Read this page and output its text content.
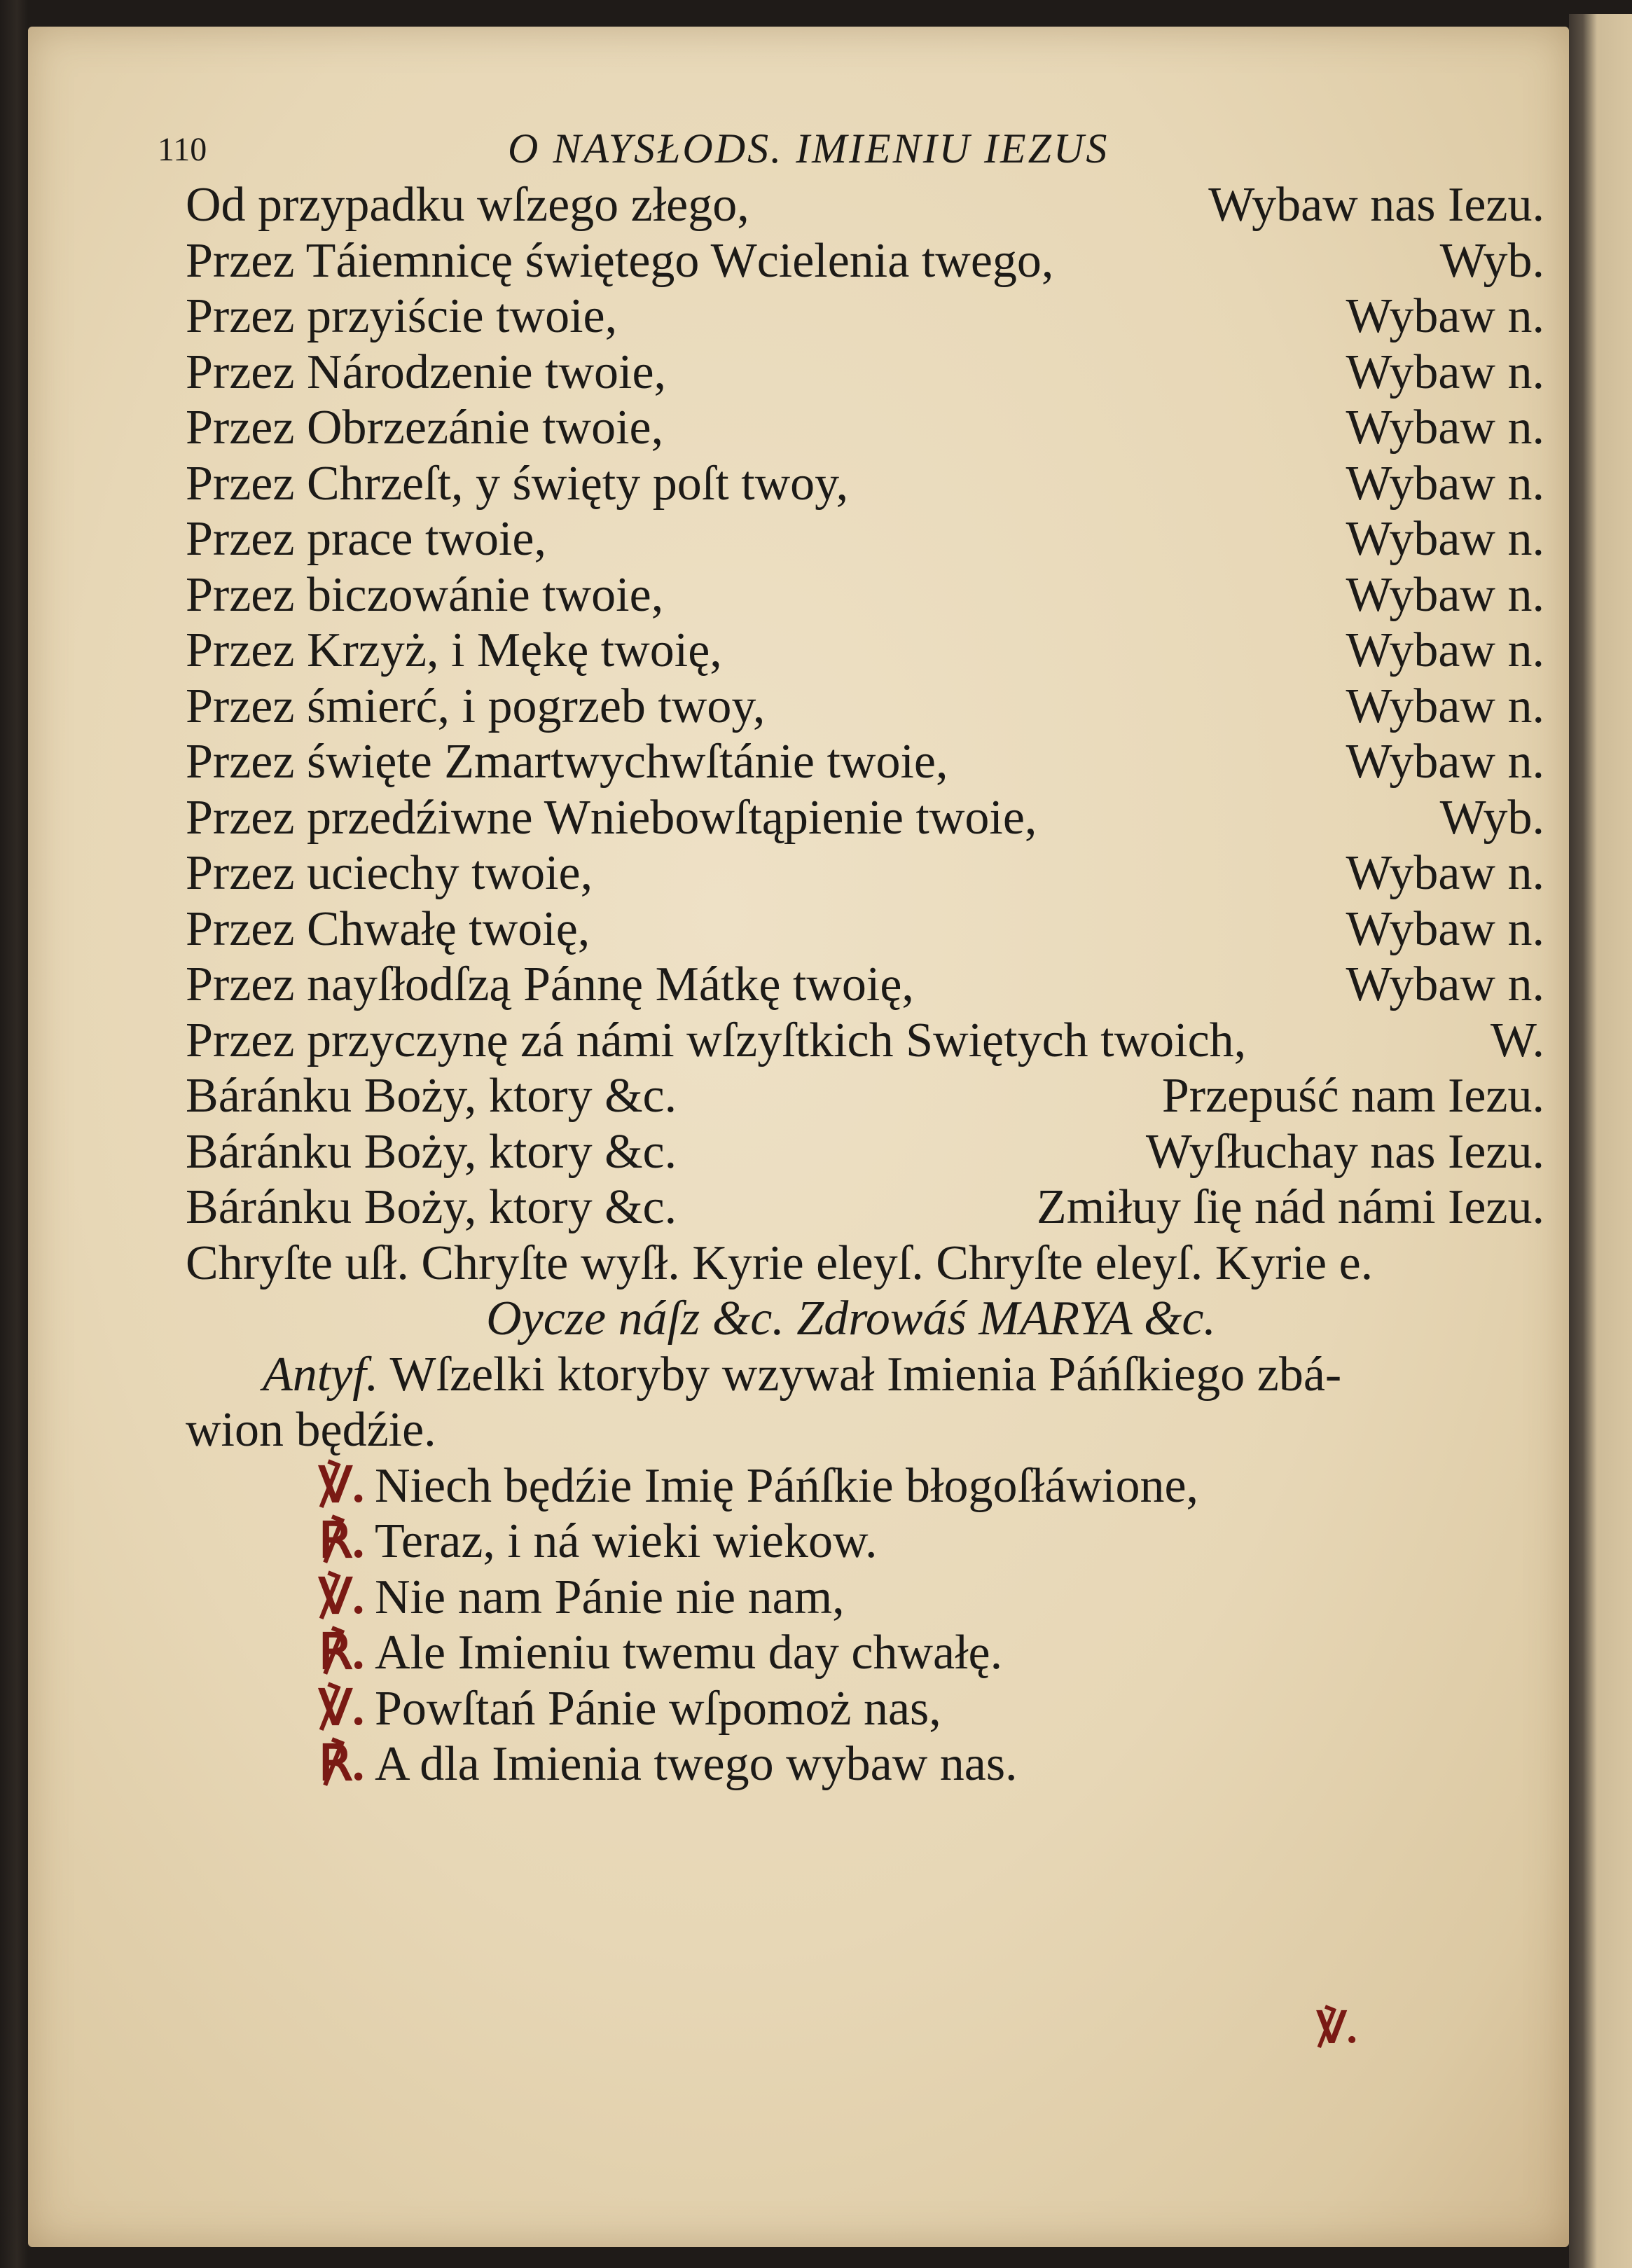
110	O NAYSŁODS. IMIENIU IEZUS
Od przypadku wſzego złego,	Wybaw nas Iezu.
Przez Táiemnicę świętego Wcielenia twego,	Wyb.
Przez przyiście twoie,	Wybaw n.
Przez Národzenie twoie,	Wybaw n.
Przez Obrzezánie twoie,	Wybaw n.
Przez Chrzeſt, y święty poſt twoy,	Wybaw n.
Przez prace twoie,	Wybaw n.
Przez biczowánie twoie,	Wybaw n.
Przez Krzyż, i Mękę twoię,	Wybaw n.
Przez śmierć, i pogrzeb twoy,	Wybaw n.
Przez święte Zmartwychwſtánie twoie,	Wybaw n.
Przez przedźiwne Wniebowſtąpienie twoie,	Wyb.
Przez uciechy twoie,	Wybaw n.
Przez Chwałę twoię,	Wybaw n.
Przez nayſłodſzą Pánnę Mátkę twoię,	Wybaw n.
Przez przyczynę zá námi wſzyſtkich Swiętych twoich,	W.
Báránku Boży, ktory &c.	Przepuść nam Iezu.
Báránku Boży, ktory &c.	Wyſłuchay nas Iezu.
Báránku Boży, ktory &c.	Zmiłuy ſię nád námi Iezu.
Chryſte uſł. Chryſte wyſł. Kyrie eleyſ. Chryſte eleyſ. Kyrie e.
Oycze náſz &c. Zdrowáś MARYA &c.
Antyf. Wſzelki ktoryby wzywał Imienia Páńſkiego zbá-
wion będźie.
℣. Niech będźie Imię Páńſkie błogoſłáwione,
℟. Teraz, i ná wieki wiekow.
℣. Nie nam Pánie nie nam,
℟. Ale Imieniu twemu day chwałę.
℣. Powſtań Pánie wſpomoż nas,
℟. A dla Imienia twego wybaw nas.
℣.
